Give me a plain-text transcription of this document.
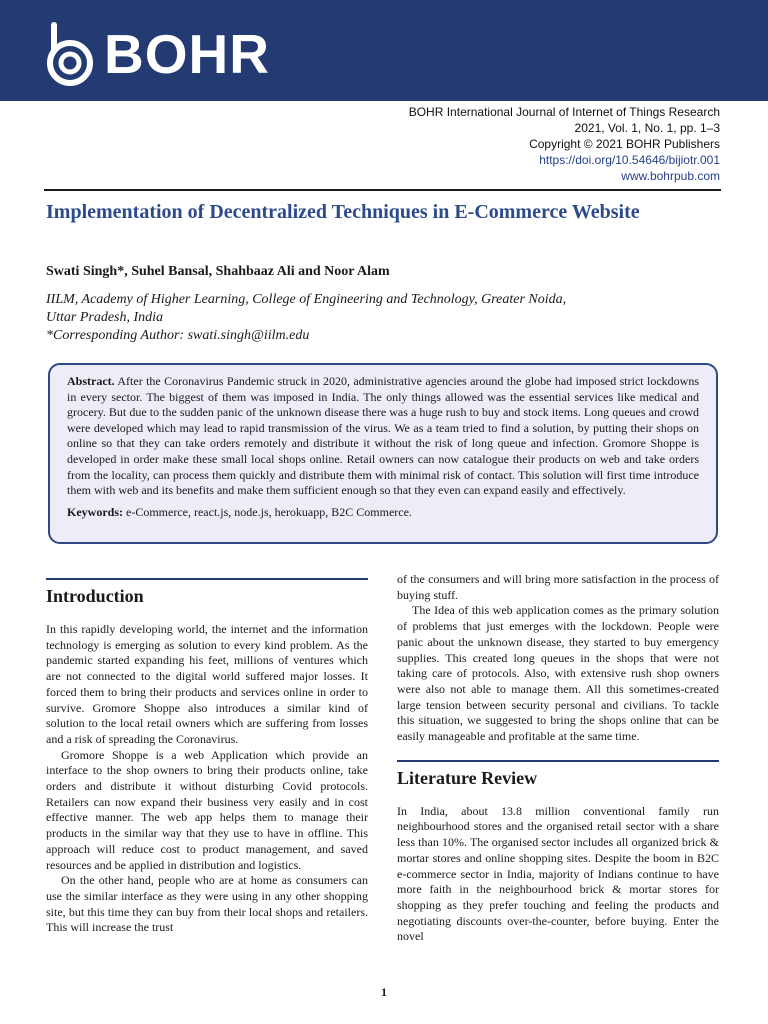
BOHR
BOHR International Journal of Internet of Things Research
2021, Vol. 1, No. 1, pp. 1–3
Copyright © 2021 BOHR Publishers
https://doi.org/10.54646/bijiotr.001
www.bohrpub.com
Implementation of Decentralized Techniques in E-Commerce Website

Swati Singh*, Suhel Bansal, Shahbaaz Ali and Noor Alam

IILM, Academy of Higher Learning, College of Engineering and Technology, Greater Noida,
Uttar Pradesh, India
*Corresponding Author: swati.singh@iilm.edu

Abstract. After the Coronavirus Pandemic struck in 2020, administrative agencies around the globe had imposed strict lockdowns in every sector. The biggest of them was imposed in India. The only things allowed was the essential services like medical and grocery. But due to the sudden panic of the unknown disease there was a huge rush to buy and stock items. Long queues and crowd were developed which may lead to rapid transmission of the virus. We as a team tried to find a solution, by putting their shops on online so that they can take orders remotely and distribute it without the risk of long queue and infection. Gromore Shoppe is developed in order make these small local shops online. Retail owners can now catalogue their products on web and take orders from the locality, can process them quickly and distribute them with minimal risk of contact. This solution will first time introduce them with web and its benefits and make them sufficient enough so that they even can expand easily and effectively.

Keywords: e-Commerce, react.js, node.js, herokuapp, B2C Commerce.

Introduction

In this rapidly developing world, the internet and the information technology is emerging as solution to every kind problem. As the pandemic started expanding his feet, millions of ventures which are not connected to the digital world suffered major losses. It forced them to bring their products and services online in order to survive. Gromore Shoppe also introduces a similar kind of solution to the local retail owners which are suffering from losses and a risk of spreading the Coronavirus.

Gromore Shoppe is a web Application which provide an interface to the shop owners to bring their products online, take orders and distribute it without disturbing Covid protocols. Retailers can now expand their business very easily and in cost effective manner. The web app helps them to manage their products in the similar way that they use to have in offline. This approach will reduce cost to product management, and saved resources and be applied in distribution and logistics.

On the other hand, people who are at home as consumers can use the similar interface as they were using in any other shopping site, but this time they can buy from their local shops and retailers. This will increase the trust

of the consumers and will bring more satisfaction in the process of buying stuff.

The Idea of this web application comes as the primary solution of problems that just emerges with the lockdown. People were panic about the unknown disease, they started to buy emergency supplies. This created long queues in the shops that were not taking care of protocols. Also, with extensive rush shop owners were also not able to manage them. All this sometimes-created large tension between security personal and civilians. To tackle this situation, we suggested to bring the shops online that can be easily manageable and profitable at the same time.

Literature Review

In India, about 13.8 million conventional family run neighbourhood stores and the organised retail sector with a share less than 10%. The organised sector includes all organized brick & mortar stores and online shopping sites. Despite the boom in B2C e-commerce sector in India, majority of Indians continue to have more faith in the neighbourhood brick & mortar stores for shopping as they prefer touching and feeling the products and negotiating discounts over-the-counter, before buying. Enter the novel

1
